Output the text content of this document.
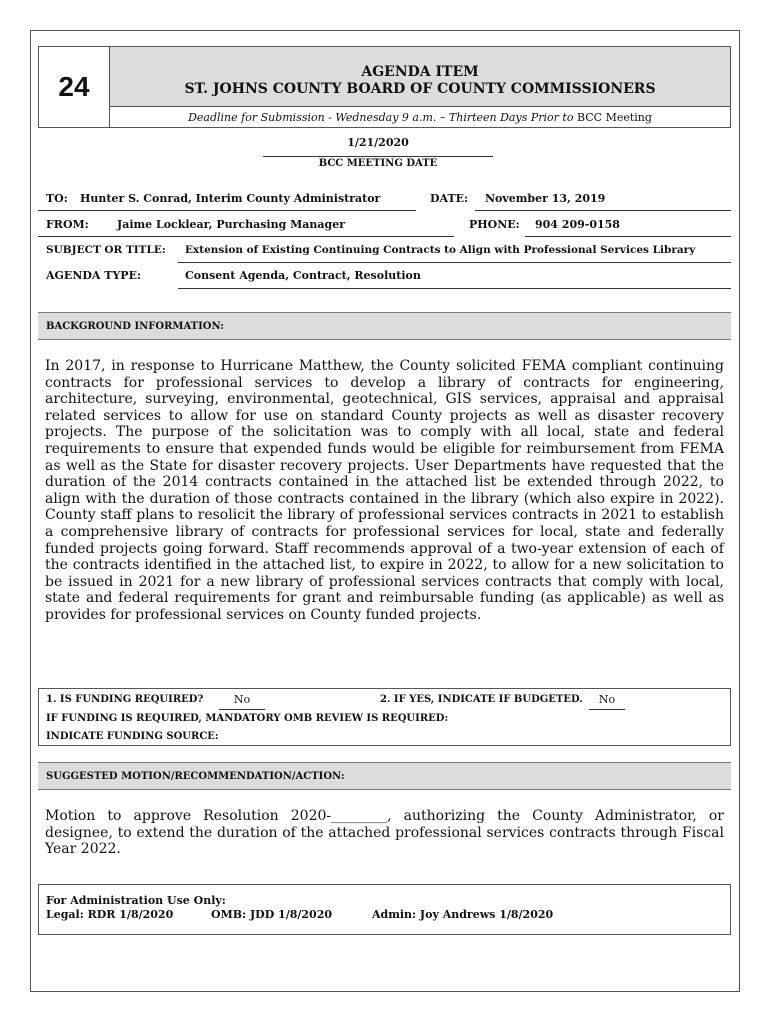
24	AGENDA ITEM
ST. JOHNS COUNTY BOARD OF COUNTY COMMISSIONERS
Deadline for Submission - Wednesday 9 a.m. – Thirteen Days Prior to BCC Meeting
1/21/2020
BCC MEETING DATE
TO: Hunter S. Conrad, Interim County Administrator	DATE: November 13, 2019
FROM:	Jaime Locklear, Purchasing Manager	PHONE: 904 209-0158
SUBJECT OR TITLE: Extension of Existing Continuing Contracts to Align with Professional Services Library
AGENDA TYPE:	Consent Agenda, Contract, Resolution
BACKGROUND INFORMATION:

In 2017, in response to Hurricane Matthew, the County solicited FEMA compliant continuing contracts for professional services to develop a library of contracts for engineering, architecture, surveying, environmental, geotechnical, GIS services, appraisal and appraisal related services to allow for use on standard County projects as well as disaster recovery projects. The purpose of the solicitation was to comply with all local, state and federal requirements to ensure that expended funds would be eligible for reimbursement from FEMA as well as the State for disaster recovery projects. User Departments have requested that the duration of the 2014 contracts contained in the attached list be extended through 2022, to align with the duration of those contracts contained in the library (which also expire in 2022). County staff plans to resolicit the library of professional services contracts in 2021 to establish a comprehensive library of contracts for professional services for local, state and federally funded projects going forward. Staff recommends approval of a two-year extension of each of the contracts identified in the attached list, to expire in 2022, to allow for a new solicitation to be issued in 2021 for a new library of professional services contracts that comply with local, state and federal requirements for grant and reimbursable funding (as applicable) as well as provides for professional services on County funded projects.

1. IS FUNDING REQUIRED?	No	2. IF YES, INDICATE IF BUDGETED.	No
IF FUNDING IS REQUIRED, MANDATORY OMB REVIEW IS REQUIRED:
INDICATE FUNDING SOURCE:
SUGGESTED MOTION/RECOMMENDATION/ACTION:

Motion to approve Resolution 2020-________, authorizing the County Administrator, or designee, to extend the duration of the attached professional services contracts through Fiscal Year 2022.

For Administration Use Only:
Legal: RDR 1/8/2020	OMB: JDD 1/8/2020	Admin: Joy Andrews 1/8/2020
